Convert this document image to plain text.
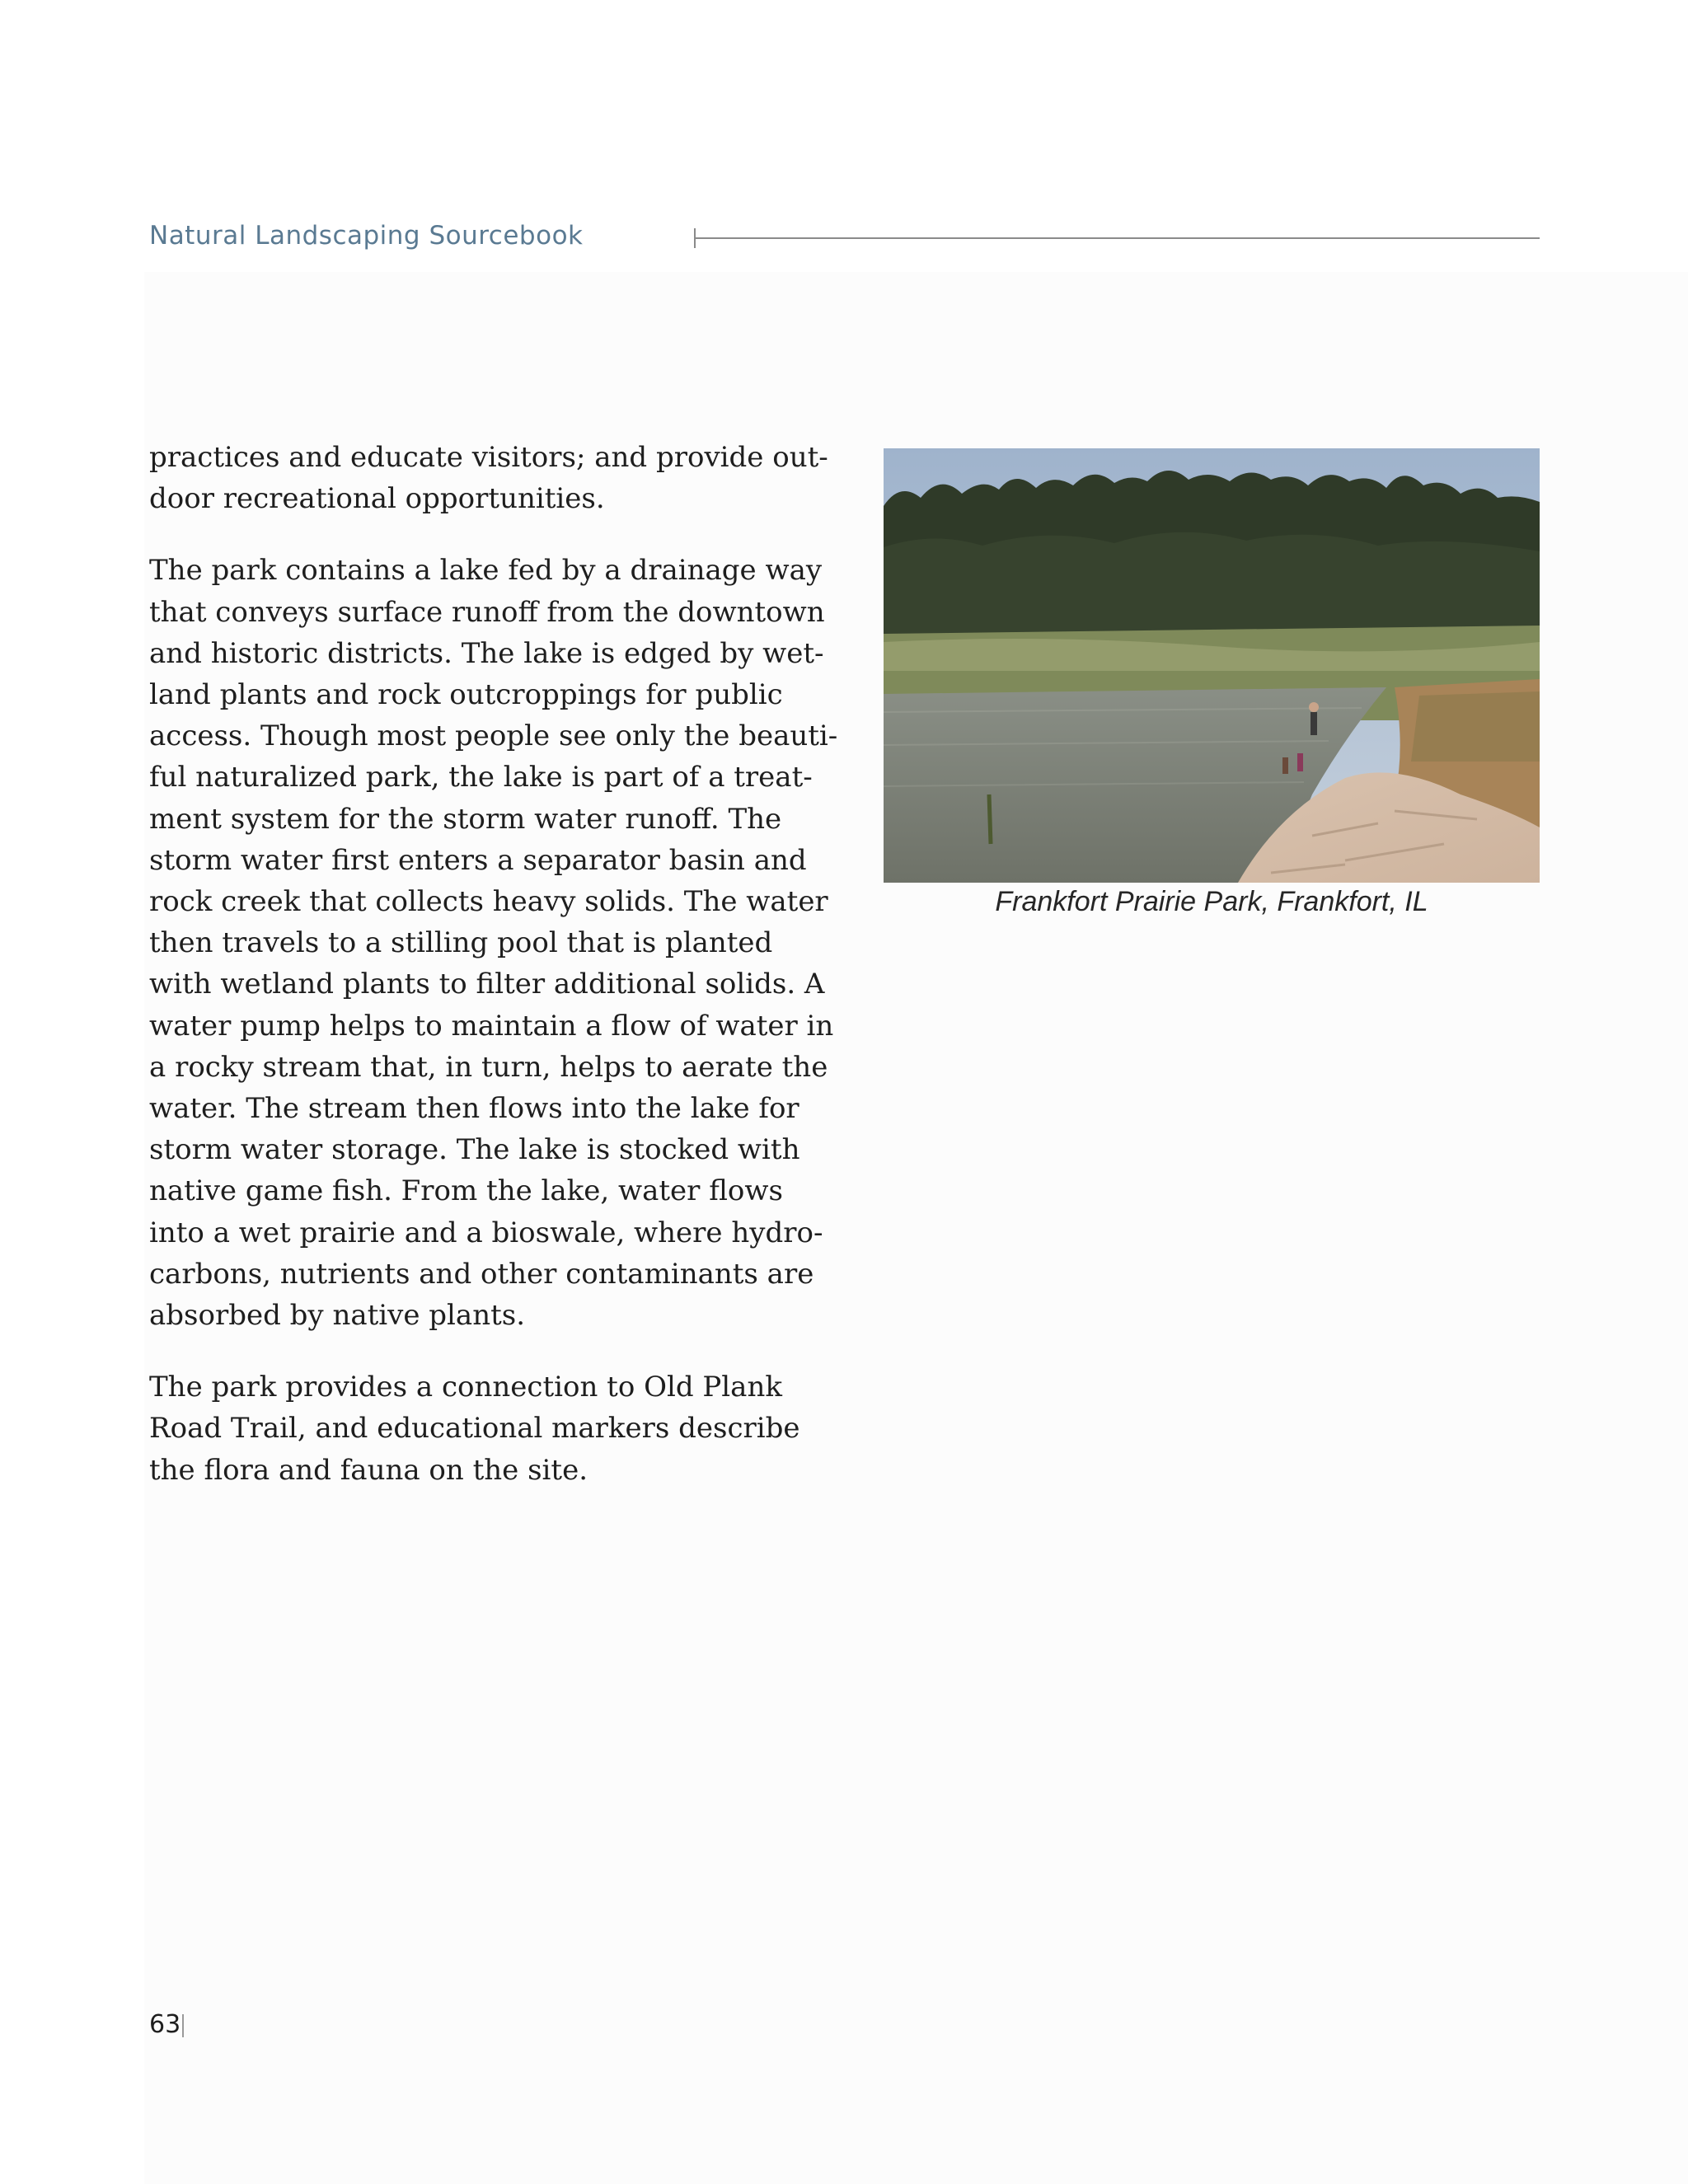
Natural Landscaping Sourcebook

practices and educate visitors; and provide out-
door recreational opportunities.

The park contains a lake fed by a drainage way
that conveys surface runoff from the downtown
and historic districts. The lake is edged by wet-
land plants and rock outcroppings for public
access. Though most people see only the beauti-
ful naturalized park, the lake is part of a treat-
ment system for the storm water runoff. The
storm water first enters a separator basin and
rock creek that collects heavy solids. The water
then travels to a stilling pool that is planted
with wetland plants to filter additional solids. A
water pump helps to maintain a flow of water in
a rocky stream that, in turn, helps to aerate the
water. The stream then flows into the lake for
storm water storage. The lake is stocked with
native game fish. From the lake, water flows
into a wet prairie and a bioswale, where hydro-
carbons, nutrients and other contaminants are
absorbed by native plants.

The park provides a connection to Old Plank
Road Trail, and educational markers describe
the flora and fauna on the site.

Frankfort Prairie Park, Frankfort, IL
63
